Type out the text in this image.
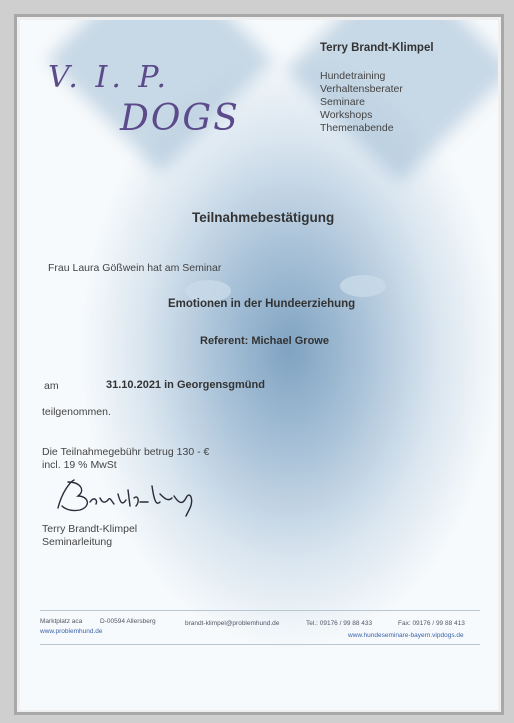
V. I. P.
DOGS
Terry Brandt-Klimpel
Hundetraining
Verhaltensberater
Seminare
Workshops
Themenabende
Teilnahmebestätigung
Frau Laura Gößwein hat am Seminar
Emotionen in der Hundeerziehung
Referent: Michael Growe
am	31.10.2021 in Georgensgmünd
teilgenommen.
Die Teilnahmegebühr betrug 130 - €
incl. 19 % MwSt
Terry Brandt-Klimpel
Seminarleitung
Marktplatz aca	D-00594 Allersberg
www.problemhund.de
brandt-klimpel@problemhund.de	Tel.: 09176 / 99 88 433	Fax: 09176 / 99 88 413
www.hundeseminare-bayern.vipdogs.de
